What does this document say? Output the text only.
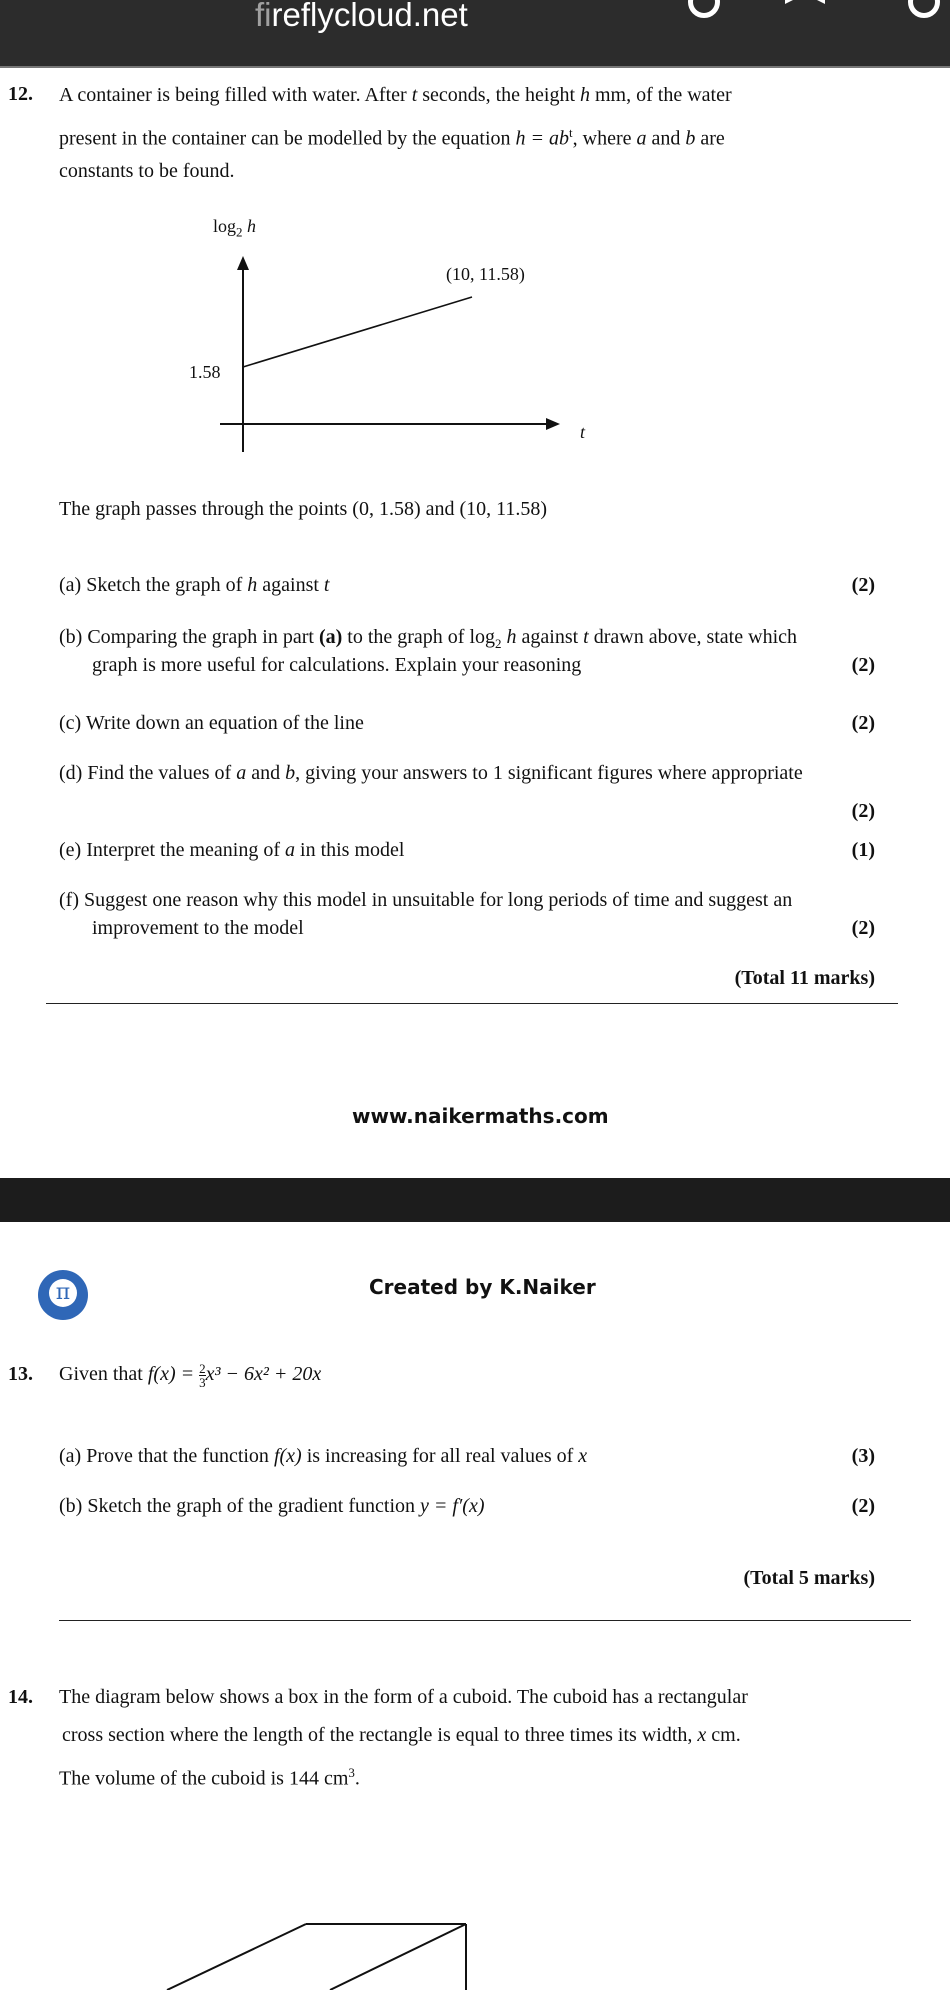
fireflycloud.net
12. A container is being filled with water. After t seconds, the height h mm, of the water
present in the container can be modelled by the equation $h = ab^t$, where a and b are
constants to be found.
$\log_2 h$
(10, 11.58)
1.58
t
The graph passes through the points (0, 1.58) and (10, 11.58)
(a) Sketch the graph of h against t	(2)
(b) Comparing the graph in part (a) to the graph of $\log_2 h$ against t drawn above, state which
graph is more useful for calculations. Explain your reasoning	(2)
(c) Write down an equation of the line	(2)
(d) Find the values of a and b, giving your answers to 1 significant figures where appropriate
(2)
(e) Interpret the meaning of a in this model	(1)
(f) Suggest one reason why this model in unsuitable for long periods of time and suggest an
improvement to the model	(2)
(Total 11 marks)
www.naikermaths.com
π	Created by K.Naiker
13. Given that $f(x) = \frac{2}{3} x^3 - 6x^2 + 20x$
(a) Prove that the function f(x) is increasing for all real values of x	(3)
(b) Sketch the graph of the gradient function y = f′(x)	(2)
(Total 5 marks)
14. The diagram below shows a box in the form of a cuboid. The cuboid has a rectangular
cross section where the length of the rectangle is equal to three times its width, x cm.
The volume of the cuboid is 144 $cm^3$.
